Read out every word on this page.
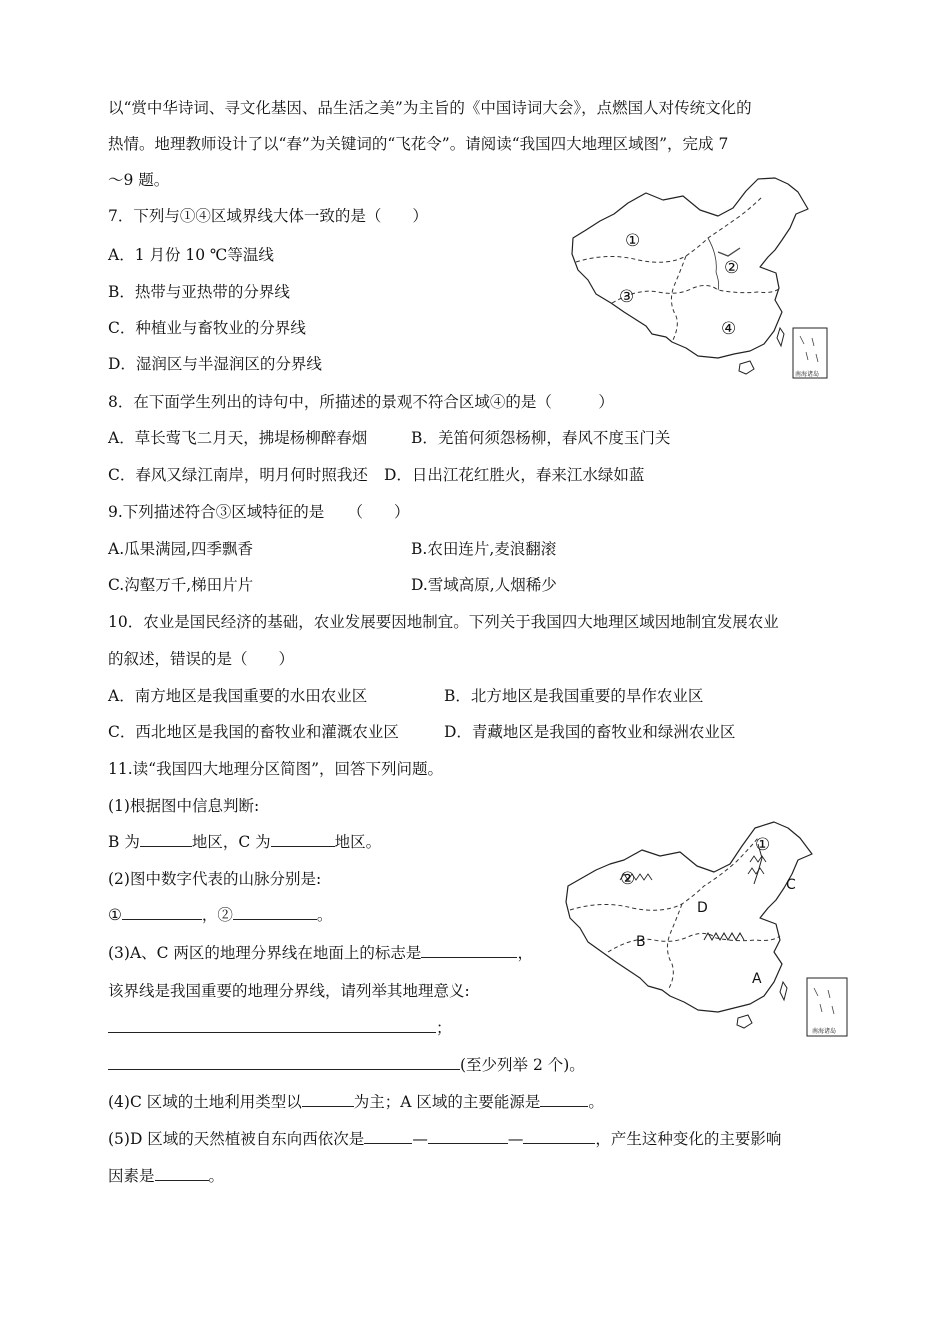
以“赏中华诗词、寻文化基因、品生活之美”为主旨的《中国诗词大会》，点燃国人对传统文化的
热情。地理教师设计了以“春”为关键词的“飞花令”。请阅读“我国四大地理区域图”，完成 7
～9 题。
7．下列与①④区域界线大体一致的是（　　）
A．1 月份 10 ℃等温线
B．热带与亚热带的分界线
C．种植业与畜牧业的分界线
D．湿润区与半湿润区的分界线
①
②
③
④
南海诸岛
8．在下面学生列出的诗句中，所描述的景观不符合区域④的是（　　　）
A．草长莺飞二月天，拂堤杨柳醉春烟	B．羌笛何须怨杨柳，春风不度玉门关
C．春风又绿江南岸，明月何时照我还 D．日出江花红胜火，春来江水绿如蓝
9.下列描述符合③区域特征的是　　（　　）
A.瓜果满园,四季飘香	B.农田连片,麦浪翻滚
C.沟壑万千,梯田片片	D.雪域高原,人烟稀少
10．农业是国民经济的基础，农业发展要因地制宜。下列关于我国四大地理区域因地制宜发展农业
的叙述，错误的是（　　）
A．南方地区是我国重要的水田农业区	B．北方地区是我国重要的旱作农业区
C．西北地区是我国的畜牧业和灌溉农业区	D．青藏地区是我国的畜牧业和绿洲农业区
11.读“我国四大地理分区简图”，回答下列问题。
(1)根据图中信息判断:
B 为	地区，C 为	地区。
(2)图中数字代表的山脉分别是:
①	，②	。
(3)A、C 两区的地理分界线在地面上的标志是	，
该界线是我国重要的地理分界线，请列举其地理意义:
；
(至少列举 2 个)。
(4)C 区域的土地利用类型以	为主；A 区域的主要能源是	。
(5)D 区域的天然植被自东向西依次是	—	—	，产生这种变化的主要影响
因素是	。
①
②	C
D
B
A
南海诸岛
